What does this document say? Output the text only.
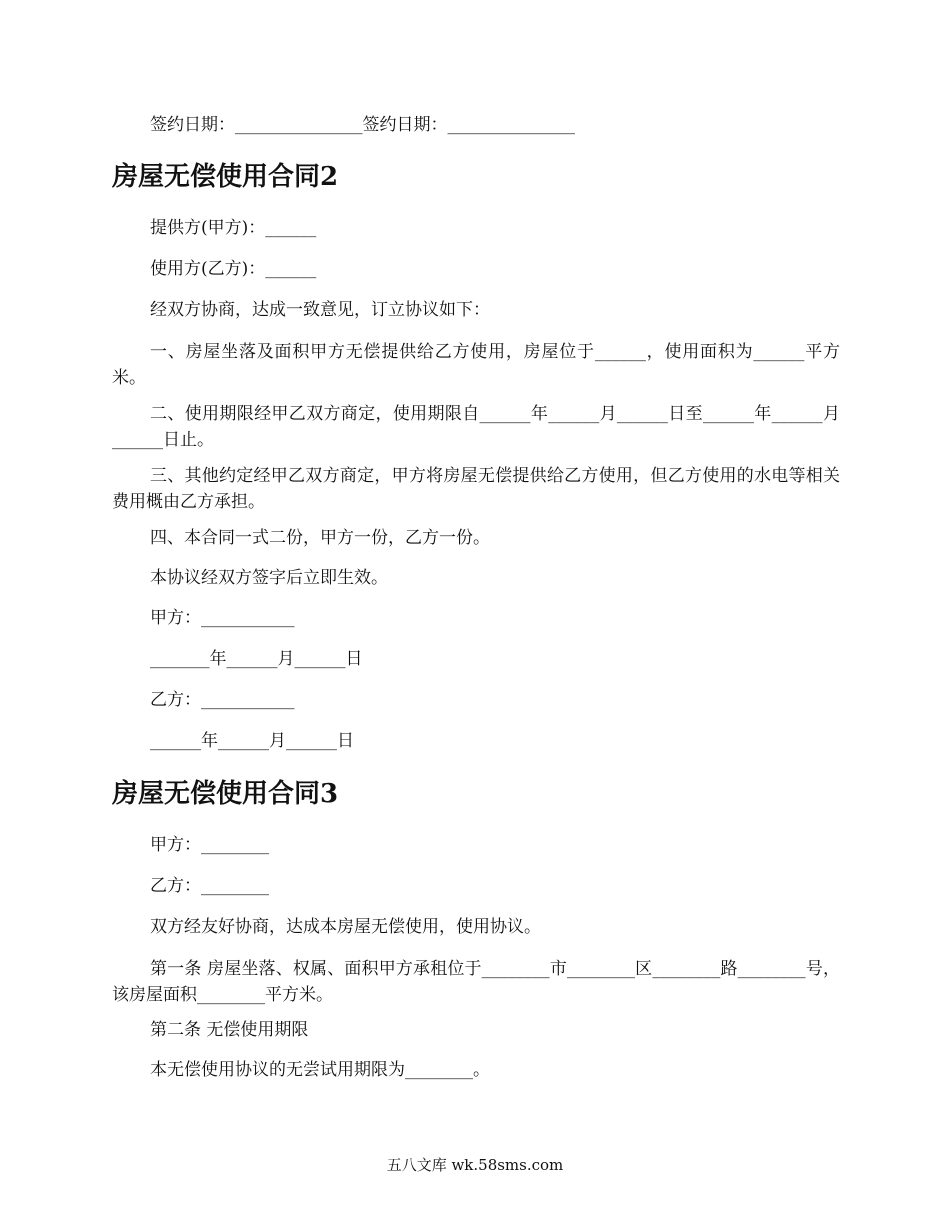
签约日期：_______________签约日期：_______________

房屋无偿使用合同2

提供方(甲方)：______

使用方(乙方)：______

经双方协商，达成一致意见，订立协议如下：

一、房屋坐落及面积甲方无偿提供给乙方使用，房屋位于______，使用面积为______平方米。

二、使用期限经甲乙双方商定，使用期限自______年______月______日至______年______月______日止。

三、其他约定经甲乙双方商定，甲方将房屋无偿提供给乙方使用，但乙方使用的水电等相关费用概由乙方承担。

四、本合同一式二份，甲方一份，乙方一份。

本协议经双方签字后立即生效。

甲方：___________

_______年______月______日

乙方：___________

______年______月______日

房屋无偿使用合同3

甲方：________

乙方：________

双方经友好协商，达成本房屋无偿使用，使用协议。

第一条 房屋坐落、权属、面积甲方承租位于________市________区________路________号，该房屋面积________平方米。

第二条 无偿使用期限

本无偿使用协议的无尝试用期限为________。

五八文库 wk.58sms.com
